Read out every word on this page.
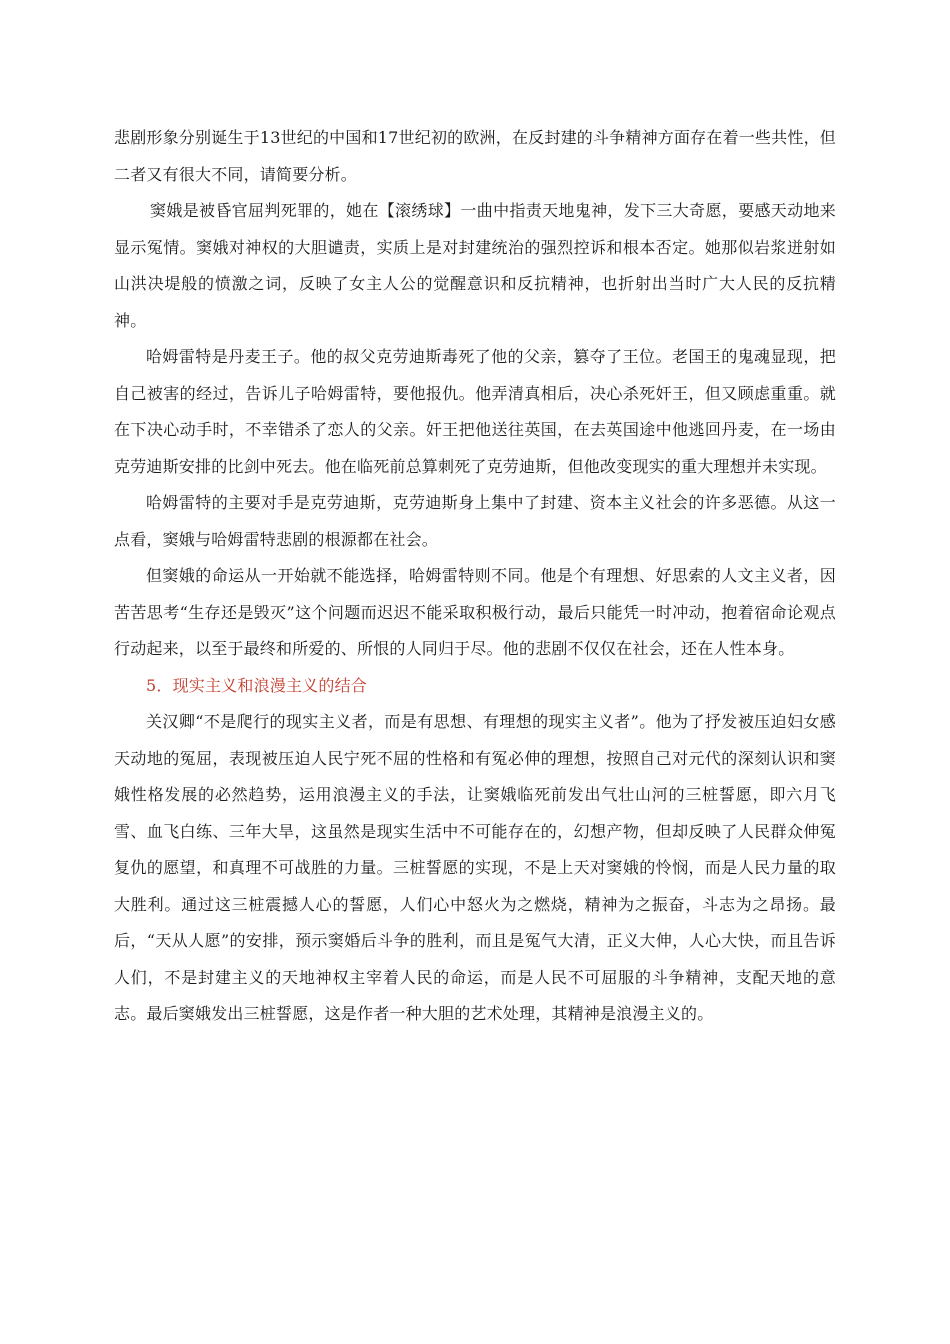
悲剧形象分别诞生于13世纪的中国和17世纪初的欧洲，在反封建的斗争精神方面存在着一些共性，但二者又有很大不同，请简要分析。

窦娥是被昏官屈判死罪的，她在【滚绣球】一曲中指责天地鬼神，发下三大奇愿，要感天动地来显示冤情。窦娥对神权的大胆谴责，实质上是对封建统治的强烈控诉和根本否定。她那似岩浆迸射如山洪决堤般的愤激之词，反映了女主人公的觉醒意识和反抗精神，也折射出当时广大人民的反抗精神。

哈姆雷特是丹麦王子。他的叔父克劳迪斯毒死了他的父亲，篡夺了王位。老国王的鬼魂显现，把自己被害的经过，告诉儿子哈姆雷特，要他报仇。他弄清真相后，决心杀死奸王，但又顾虑重重。就在下决心动手时，不幸错杀了恋人的父亲。奸王把他送往英国，在去英国途中他逃回丹麦，在一场由克劳迪斯安排的比剑中死去。他在临死前总算刺死了克劳迪斯，但他改变现实的重大理想并未实现。

哈姆雷特的主要对手是克劳迪斯，克劳迪斯身上集中了封建、资本主义社会的许多恶德。从这一点看，窦娥与哈姆雷特悲剧的根源都在社会。

但窦娥的命运从一开始就不能选择，哈姆雷特则不同。他是个有理想、好思索的人文主义者，因苦苦思考“生存还是毁灭”这个问题而迟迟不能采取积极行动，最后只能凭一时冲动，抱着宿命论观点行动起来，以至于最终和所爱的、所恨的人同归于尽。他的悲剧不仅仅在社会，还在人性本身。

5．现实主义和浪漫主义的结合

关汉卿“不是爬行的现实主义者，而是有思想、有理想的现实主义者”。他为了抒发被压迫妇女感天动地的冤屈，表现被压迫人民宁死不屈的性格和有冤必伸的理想，按照自己对元代的深刻认识和窦娥性格发展的必然趋势，运用浪漫主义的手法，让窦娥临死前发出气壮山河的三桩誓愿，即六月飞雪、血飞白练、三年大旱，这虽然是现实生活中不可能存在的，幻想产物，但却反映了人民群众伸冤复仇的愿望，和真理不可战胜的力量。三桩誓愿的实现，不是上天对窦娥的怜悯，而是人民力量的取大胜利。通过这三桩震撼人心的誓愿，人们心中怒火为之燃烧，精神为之振奋，斗志为之昂扬。最后，“天从人愿”的安排，预示窦婚后斗争的胜利，而且是冤气大清，正义大伸，人心大快，而且告诉人们，不是封建主义的天地神权主宰着人民的命运，而是人民不可屈服的斗争精神，支配天地的意志。最后窦娥发出三桩誓愿，这是作者一种大胆的艺术处理，其精神是浪漫主义的。
